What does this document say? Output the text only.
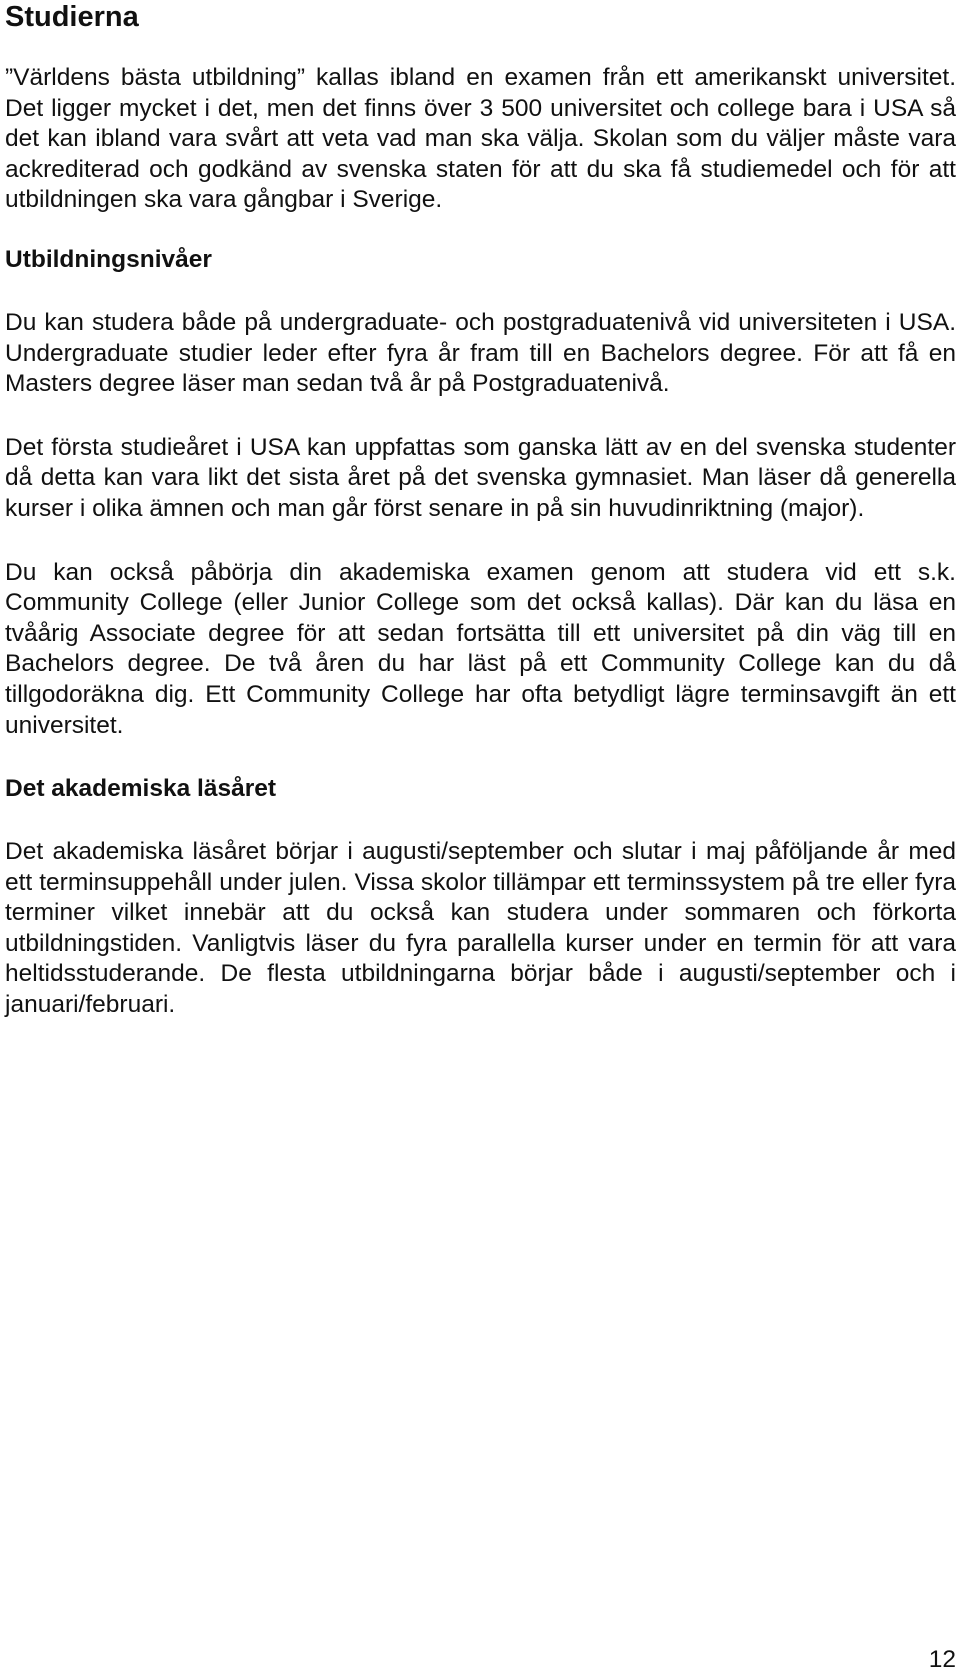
Studierna

”Världens bästa utbildning” kallas ibland en examen från ett amerikanskt universitet. Det ligger mycket i det, men det finns över 3 500 universitet och college bara i USA så det kan ibland vara svårt att veta vad man ska välja. Skolan som du väljer måste vara ackrediterad och godkänd av svenska staten för att du ska få studiemedel och för att utbildningen ska vara gångbar i Sverige.

Utbildningsnivåer

Du kan studera både på undergraduate- och postgraduatenivå vid universiteten i USA. Undergraduate studier leder efter fyra år fram till en Bachelors degree. För att få en Masters degree läser man sedan två år på Postgraduatenivå.

Det första studieåret i USA kan uppfattas som ganska lätt av en del svenska studenter då detta kan vara likt det sista året på det svenska gymnasiet. Man läser då generella kurser i olika ämnen och man går först senare in på sin huvudinriktning (major).

Du kan också påbörja din akademiska examen genom att studera vid ett s.k. Community College (eller Junior College som det också kallas). Där kan du läsa en tvåårig Associate degree för att sedan fortsätta till ett universitet på din väg till en Bachelors degree. De två åren du har läst på ett Community College kan du då tillgodoräkna dig. Ett Community College har ofta betydligt lägre terminsavgift än ett universitet.

Det akademiska läsåret

Det akademiska läsåret börjar i augusti/september och slutar i maj påföljande år med ett terminsuppehåll under julen. Vissa skolor tillämpar ett terminssystem på tre eller fyra terminer vilket innebär att du också kan studera under sommaren och förkorta utbildningstiden. Vanligtvis läser du fyra parallella kurser under en termin för att vara heltidsstuderande. De flesta utbildningarna börjar både i augusti/september och i januari/februari.

12
